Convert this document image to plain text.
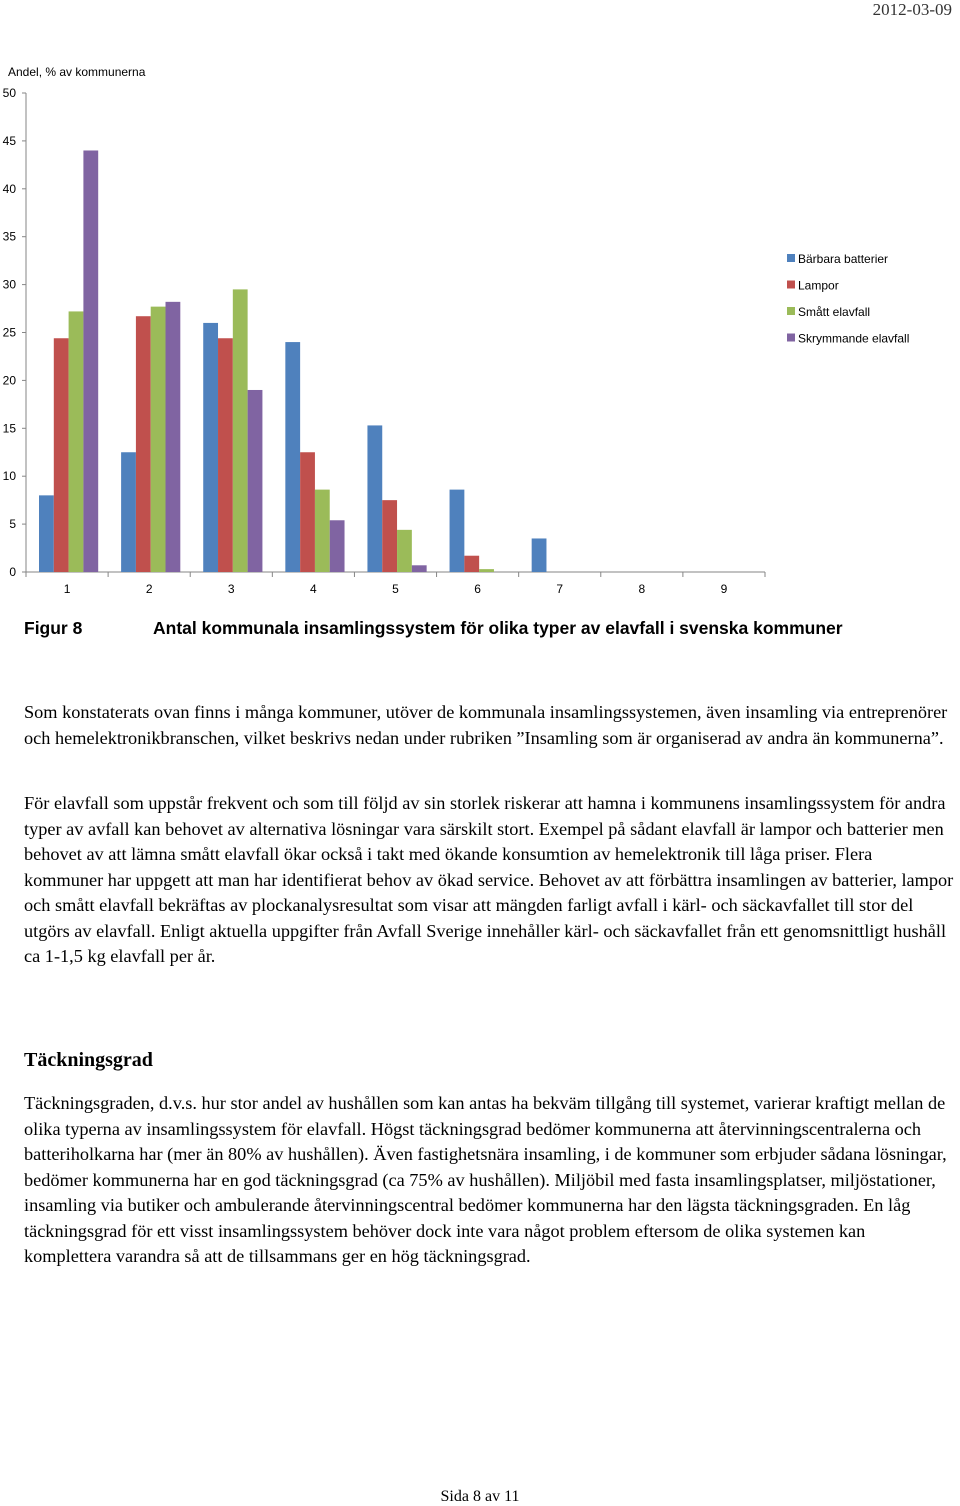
2012-03-09
Andel, % av kommunerna
0
5
10
15
20
25
30
35
40
45
50
1	2	3	4	5	6	7	8	9
Bärbara batterier
Lampor
Smått elavfall
Skrymmande elavfall
Figur 8	Antal kommunala insamlingssystem för olika typer av elavfall i svenska kommuner

Som konstaterats ovan finns i många kommuner, utöver de kommunala insamlingssystemen, även insamling via entreprenörer och hemelektronikbranschen, vilket beskrivs nedan under rubriken ”Insamling som är organiserad av andra än kommunerna”.

För elavfall som uppstår frekvent och som till följd av sin storlek riskerar att hamna i kommunens insamlingssystem för andra typer av avfall kan behovet av alternativa lösningar vara särskilt stort. Exempel på sådant elavfall är lampor och batterier men behovet av att lämna smått elavfall ökar också i takt med ökande konsumtion av hemelektronik till låga priser. Flera kommuner har uppgett att man har identifierat behov av ökad service. Behovet av att förbättra insamlingen av batterier, lampor och smått elavfall bekräftas av plockanalysresultat som visar att mängden farligt avfall i kärl- och säckavfallet till stor del utgörs av elavfall. Enligt aktuella uppgifter från Avfall Sverige innehåller kärl- och säckavfallet från ett genomsnittligt hushåll ca 1-1,5 kg elavfall per år.

Täckningsgrad

Täckningsgraden, d.v.s. hur stor andel av hushållen som kan antas ha bekväm tillgång till systemet, varierar kraftigt mellan de olika typerna av insamlingssystem för elavfall. Högst täckningsgrad bedömer kommunerna att återvinningscentralerna och batteriholkarna har (mer än 80% av hushållen). Även fastighetsnära insamling, i de kommuner som erbjuder sådana lösningar, bedömer kommunerna har en god täckningsgrad (ca 75% av hushållen). Miljöbil med fasta insamlingsplatser, miljöstationer, insamling via butiker och ambulerande återvinningscentral bedömer kommunerna har den lägsta täckningsgraden. En låg täckningsgrad för ett visst insamlingssystem behöver dock inte vara något problem eftersom de olika systemen kan komplettera varandra så att de tillsammans ger en hög täckningsgrad.

Sida 8 av 11
